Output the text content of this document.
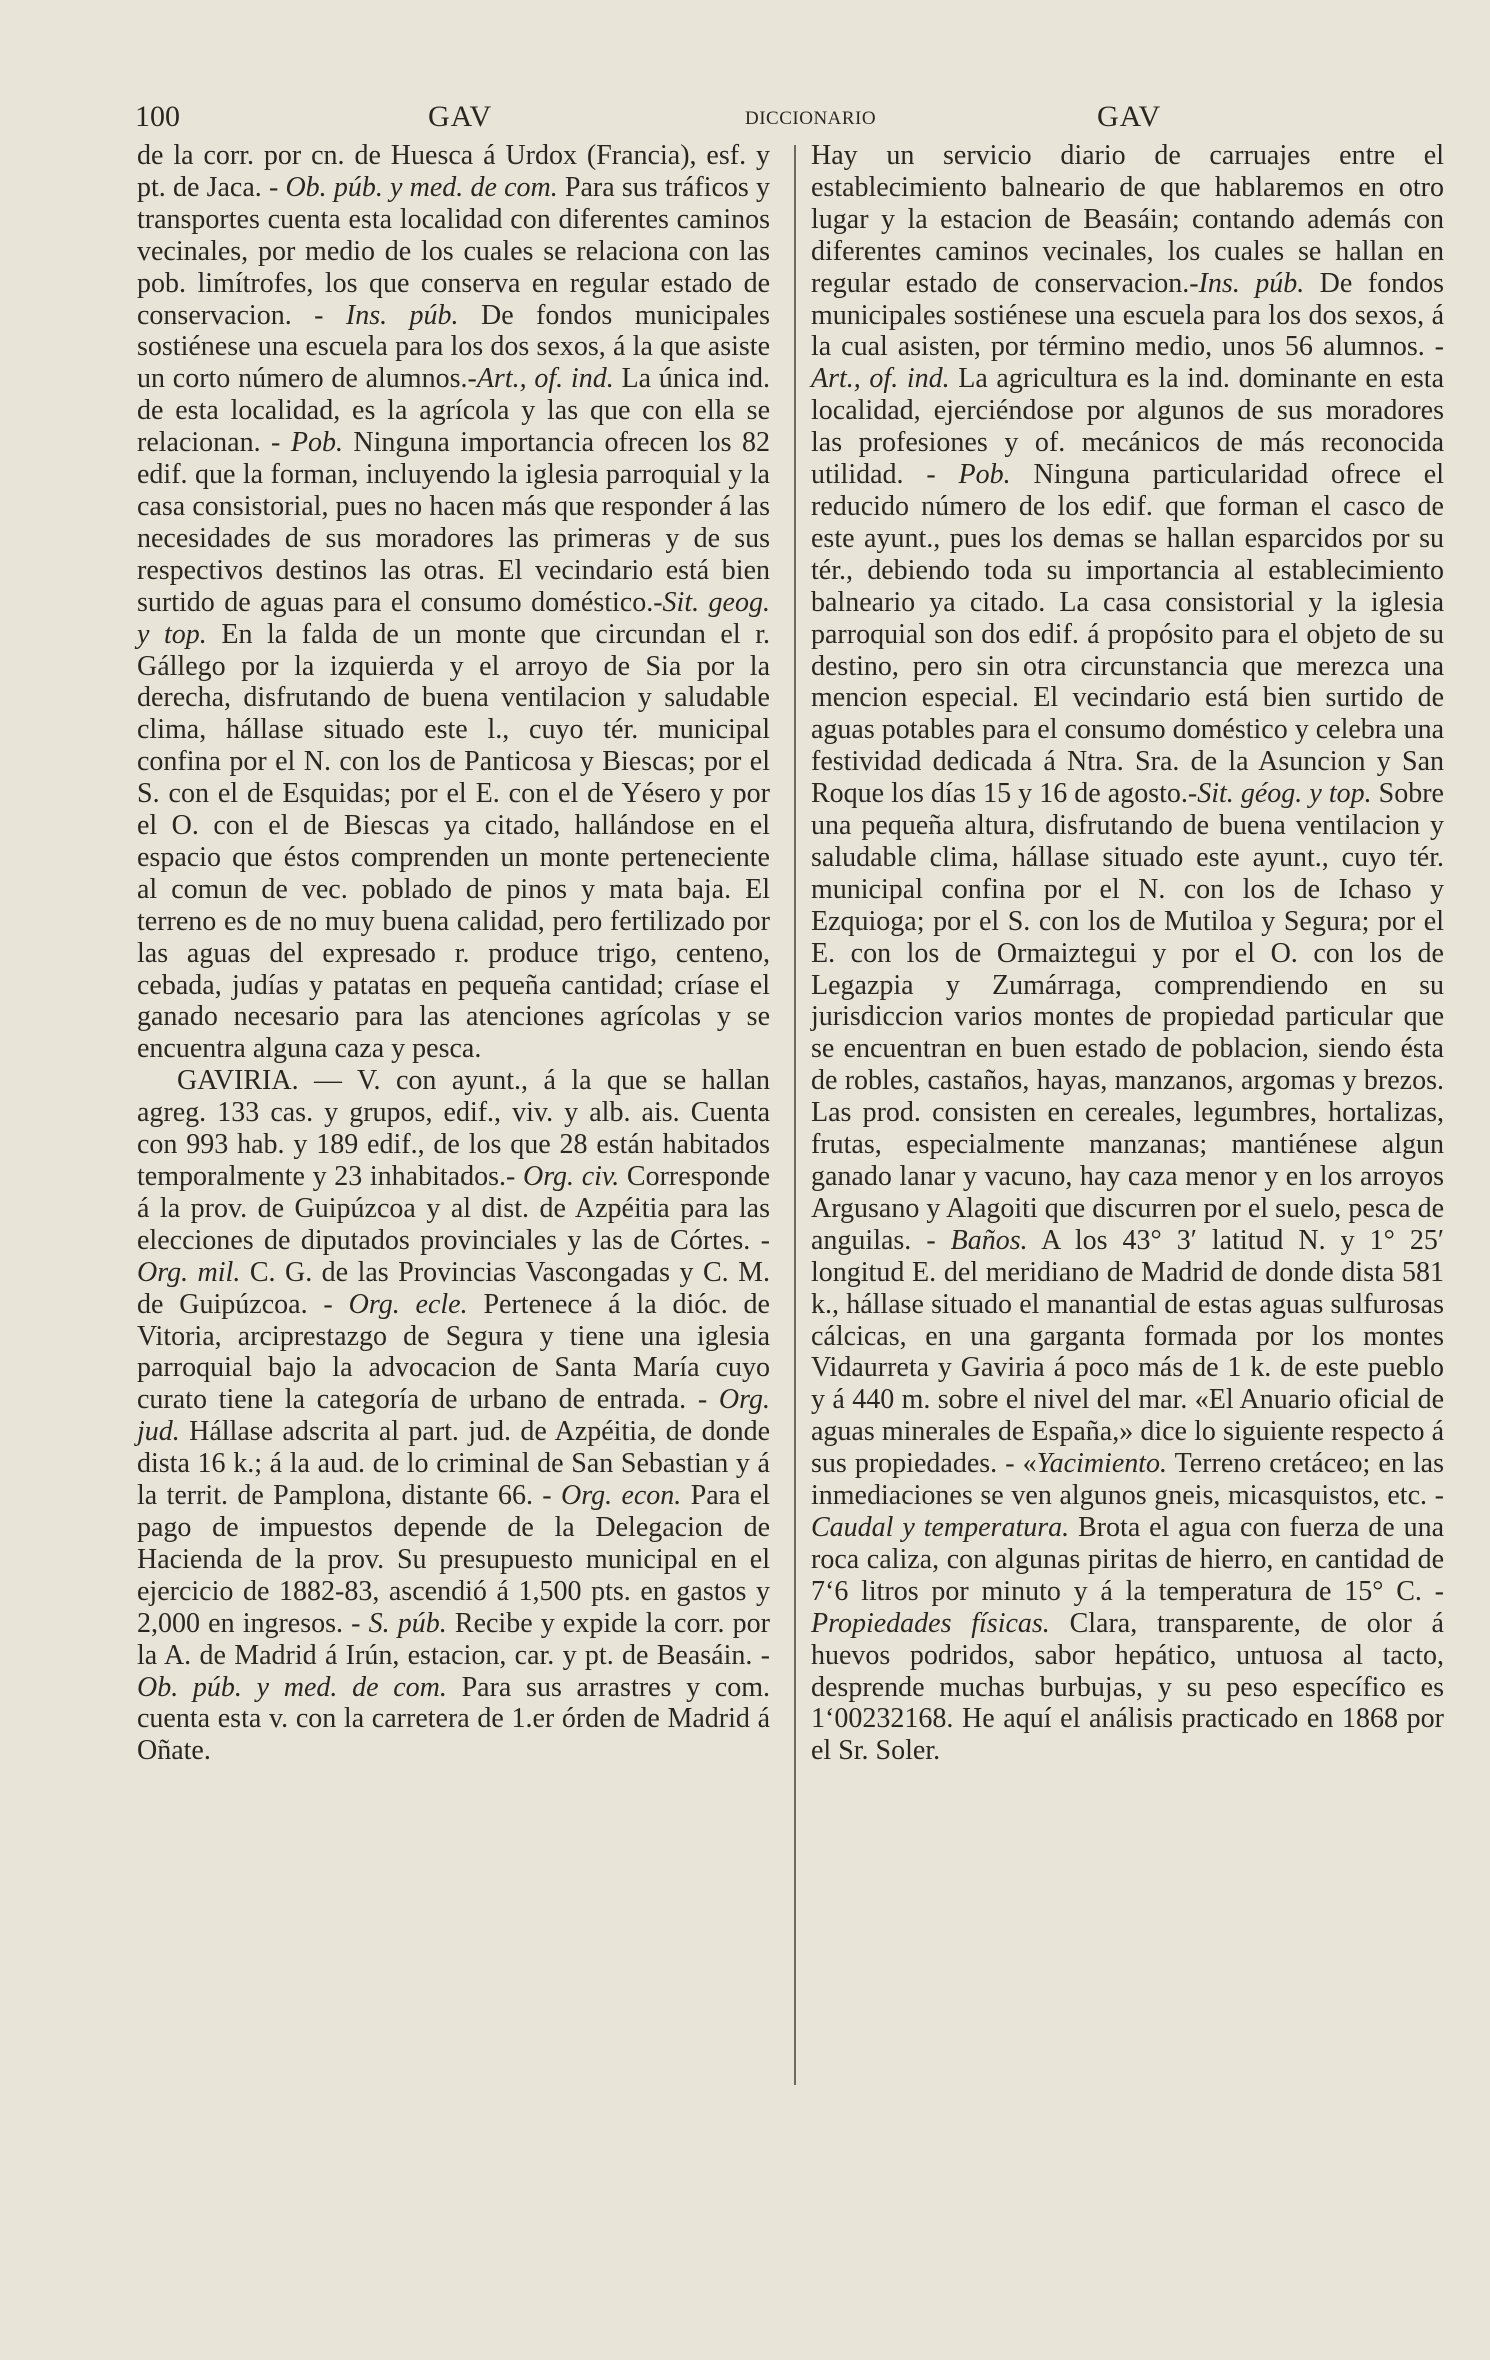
100	GAV	DICCIONARIO	GAV

de la corr. por cn. de Huesca á Urdox (Francia), esf. y pt. de Jaca. - Ob. púb. y med. de com. Para sus tráficos y transportes cuenta esta localidad con diferentes caminos vecinales, por medio de los cuales se relaciona con las pob. limítrofes, los que conserva en regular estado de conservacion. - Ins. púb. De fondos municipales sostiénese una escuela para los dos sexos, á la que asiste un corto número de alumnos.-Art., of. ind. La única ind. de esta localidad, es la agrícola y las que con ella se relacionan. - Pob. Ninguna importancia ofrecen los 82 edif. que la forman, incluyendo la iglesia parroquial y la casa consistorial, pues no hacen más que responder á las necesidades de sus moradores las primeras y de sus respectivos destinos las otras. El vecindario está bien surtido de aguas para el consumo doméstico.-Sit. geog. y top. En la falda de un monte que circundan el r. Gállego por la izquierda y el arroyo de Sia por la derecha, disfrutando de buena ventilacion y saludable clima, hállase situado este l., cuyo tér. municipal confina por el N. con los de Panticosa y Biescas; por el S. con el de Esquidas; por el E. con el de Yésero y por el O. con el de Biescas ya citado, hallándose en el espacio que éstos comprenden un monte perteneciente al comun de vec. poblado de pinos y mata baja. El terreno es de no muy buena calidad, pero fertilizado por las aguas del expresado r. produce trigo, centeno, cebada, judías y patatas en pequeña cantidad; críase el ganado necesario para las atenciones agrícolas y se encuentra alguna caza y pesca.

GAVIRIA. — V. con ayunt., á la que se hallan agreg. 133 cas. y grupos, edif., viv. y alb. ais. Cuenta con 993 hab. y 189 edif., de los que 28 están habitados temporalmente y 23 inhabitados.- Org. civ. Corresponde á la prov. de Guipúzcoa y al dist. de Azpéitia para las elecciones de diputados provinciales y las de Córtes. - Org. mil. C. G. de las Provincias Vascongadas y C. M. de Guipúzcoa. - Org. ecle. Pertenece á la dióc. de Vitoria, arciprestazgo de Segura y tiene una iglesia parroquial bajo la advocacion de Santa María cuyo curato tiene la categoría de urbano de entrada. - Org. jud. Hállase adscrita al part. jud. de Azpéitia, de donde dista 16 k.; á la aud. de lo criminal de San Sebastian y á la territ. de Pamplona, distante 66. - Org. econ. Para el pago de impuestos depende de la Delegacion de Hacienda de la prov. Su presupuesto municipal en el ejercicio de 1882-83, ascendió á 1,500 pts. en gastos y 2,000 en ingresos. - S. púb. Recibe y expide la corr. por la A. de Madrid á Irún, estacion, car. y pt. de Beasáin. - Ob. púb. y med. de com. Para sus arrastres y com. cuenta esta v. con la carretera de 1.er órden de Madrid á Oñate.

Hay un servicio diario de carruajes entre el establecimiento balneario de que hablaremos en otro lugar y la estacion de Beasáin; contando además con diferentes caminos vecinales, los cuales se hallan en regular estado de conservacion.-Ins. púb. De fondos municipales sostiénese una escuela para los dos sexos, á la cual asisten, por término medio, unos 56 alumnos. - Art., of. ind. La agricultura es la ind. dominante en esta localidad, ejerciéndose por algunos de sus moradores las profesiones y of. mecánicos de más reconocida utilidad. - Pob. Ninguna particularidad ofrece el reducido número de los edif. que forman el casco de este ayunt., pues los demas se hallan esparcidos por su tér., debiendo toda su importancia al establecimiento balneario ya citado. La casa consistorial y la iglesia parroquial son dos edif. á propósito para el objeto de su destino, pero sin otra circunstancia que merezca una mencion especial. El vecindario está bien surtido de aguas potables para el consumo doméstico y celebra una festividad dedicada á Ntra. Sra. de la Asuncion y San Roque los días 15 y 16 de agosto.-Sit. géog. y top. Sobre una pequeña altura, disfrutando de buena ventilacion y saludable clima, hállase situado este ayunt., cuyo tér. municipal confina por el N. con los de Ichaso y Ezquioga; por el S. con los de Mutiloa y Segura; por el E. con los de Ormaiztegui y por el O. con los de Legazpia y Zumárraga, comprendiendo en su jurisdiccion varios montes de propiedad particular que se encuentran en buen estado de poblacion, siendo ésta de robles, castaños, hayas, manzanos, argomas y brezos. Las prod. consisten en cereales, legumbres, hortalizas, frutas, especialmente manzanas; mantiénese algun ganado lanar y vacuno, hay caza menor y en los arroyos Argusano y Alagoiti que discurren por el suelo, pesca de anguilas. - Baños. A los 43° 3′ latitud N. y 1° 25′ longitud E. del meridiano de Madrid de donde dista 581 k., hállase situado el manantial de estas aguas sulfurosas cálcicas, en una garganta formada por los montes Vidaurreta y Gaviria á poco más de 1 k. de este pueblo y á 440 m. sobre el nivel del mar. «El Anuario oficial de aguas minerales de España,» dice lo siguiente respecto á sus propiedades. - «Yacimiento. Terreno cretáceo; en las inmediaciones se ven algunos gneis, micasquistos, etc. - Caudal y temperatura. Brota el agua con fuerza de una roca caliza, con algunas piritas de hierro, en cantidad de 7‘6 litros por minuto y á la temperatura de 15° C. - Propiedades físicas. Clara, transparente, de olor á huevos podridos, sabor hepático, untuosa al tacto, desprende muchas burbujas, y su peso específico es 1‘00232168. He aquí el análisis practicado en 1868 por el Sr. Soler.
